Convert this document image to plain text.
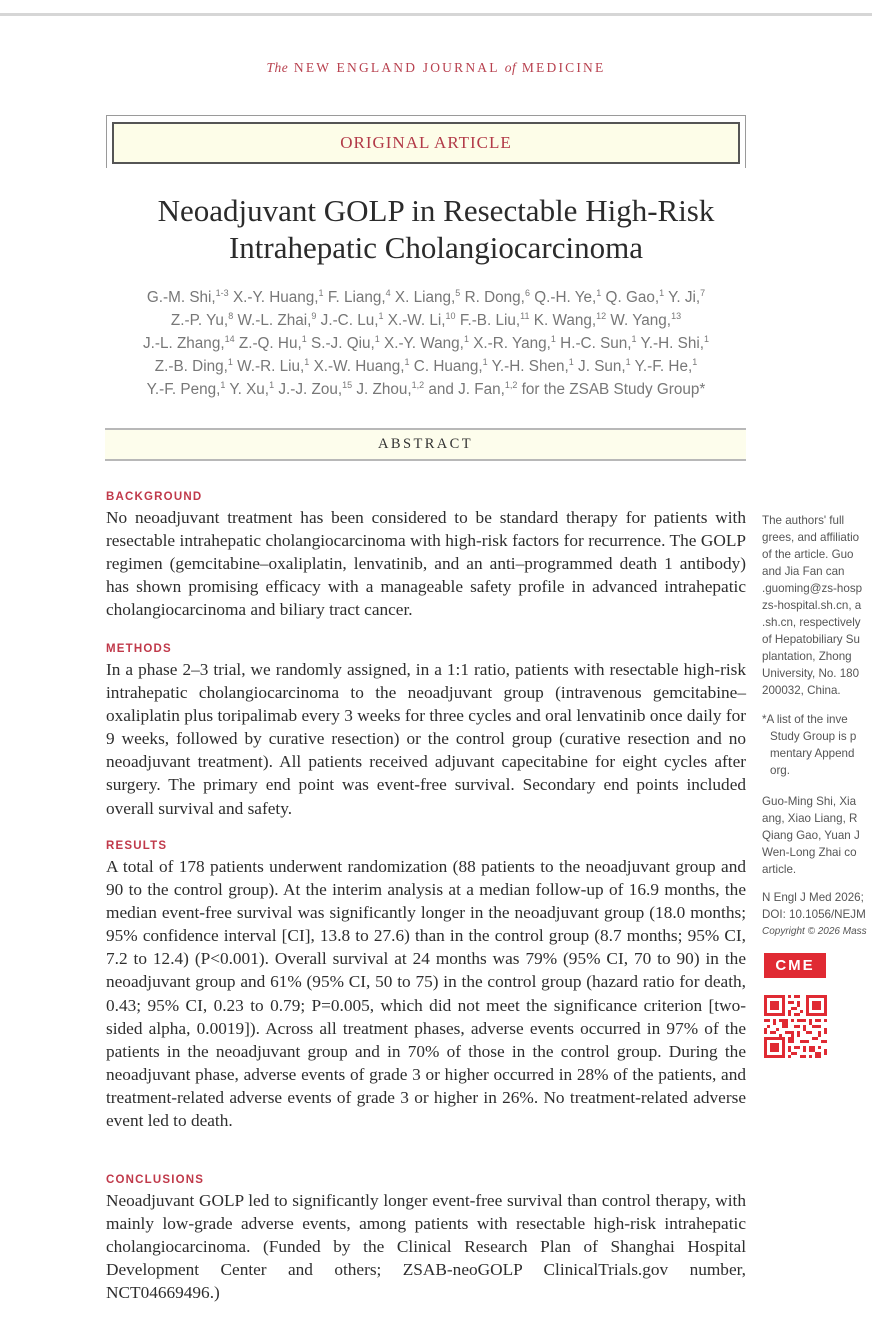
The NEW ENGLAND JOURNAL of MEDICINE
ORIGINAL ARTICLE
Neoadjuvant GOLP in Resectable High-Risk
Intrahepatic Cholangiocarcinoma
G.-M. Shi,$^{1-3}$ X.-Y. Huang,$^1$ F. Liang,$^4$ X. Liang,$^5$ R. Dong,$^6$ Q.-H. Ye,$^1$ Q. Gao,$^1$ Y. Ji,$^7$
Z.-P. Yu,$^8$ W.-L. Zhai,$^9$ J.-C. Lu,$^1$ X.-W. Li,$^{10}$ F.-B. Liu,$^{11}$ K. Wang,$^{12}$ W. Yang,$^{13}$
J.-L. Zhang,$^{14}$ Z.-Q. Hu,$^1$ S.-J. Qiu,$^1$ X.-Y. Wang,$^1$ X.-R. Yang,$^1$ H.-C. Sun,$^1$ Y.-H. Shi,$^1$
Z.-B. Ding,$^1$ W.-R. Liu,$^1$ X.-W. Huang,$^1$ C. Huang,$^1$ Y.-H. Shen,$^1$ J. Sun,$^1$ Y.-F. He,$^1$
Y.-F. Peng,$^1$ Y. Xu,$^1$ J.-J. Zou,$^{15}$ J. Zhou,$^{1,2}$ and J. Fan,$^{1,2}$ for the ZSAB Study Group*
ABSTRACT
BACKGROUND

No neoadjuvant treatment has been considered to be standard therapy for patients with resectable intrahepatic cholangiocarcinoma with high-risk factors for recurrence. The GOLP regimen (gemcitabine–oxaliplatin, lenvatinib, and an anti–programmed death 1 antibody) has shown promising efficacy with a manageable safety profile in advanced intrahepatic cholangiocarcinoma and biliary tract cancer.

METHODS

In a phase 2–3 trial, we randomly assigned, in a 1:1 ratio, patients with resectable high-risk intrahepatic cholangiocarcinoma to the neoadjuvant group (intravenous gemcitabine–oxaliplatin plus toripalimab every 3 weeks for three cycles and oral lenvatinib once daily for 9 weeks, followed by curative resection) or the control group (curative resection and no neoadjuvant treatment). All patients received adjuvant capecitabine for eight cycles after surgery. The primary end point was event-free survival. Secondary end points included overall survival and safety.

RESULTS

A total of 178 patients underwent randomization (88 patients to the neoadjuvant group and 90 to the control group). At the interim analysis at a median follow-up of 16.9 months, the median event-free survival was significantly longer in the neoadjuvant group (18.0 months; 95% confidence interval [CI], 13.8 to 27.6) than in the control group (8.7 months; 95% CI, 7.2 to 12.4) (P<0.001). Overall survival at 24 months was 79% (95% CI, 70 to 90) in the neoadjuvant group and 61% (95% CI, 50 to 75) in the control group (hazard ratio for death, 0.43; 95% CI, 0.23 to 0.79; P=0.005, which did not meet the significance criterion [two-sided alpha, 0.0019]). Across all treatment phases, adverse events occurred in 97% of the patients in the neoadjuvant group and in 70% of those in the control group. During the neoadjuvant phase, adverse events of grade 3 or higher occurred in 28% of the patients, and treatment-related adverse events of grade 3 or higher in 26%. No treatment-related adverse event led to death.

CONCLUSIONS

Neoadjuvant GOLP led to significantly longer event-free survival than control therapy, with mainly low-grade adverse events, among patients with resectable high-risk intrahepatic cholangiocarcinoma. (Funded by the Clinical Research Plan of Shanghai Hospital Development Center and others; ZSAB-neoGOLP ClinicalTrials.gov number, NCT04669496.)

The authors' full
grees, and affiliatio
of the article. Guo
and Jia Fan can
.guoming@zs-hosp
zs-hospital.sh.cn, a
.sh.cn, respectively
of Hepatobiliary Su
plantation, Zhong
University, No. 180
200032, China.
*A list of the inve
Study Group is p
mentary Append
org.
Guo-Ming Shi, Xia
ang, Xiao Liang, R
Qiang Gao, Yuan J
Wen-Long Zhai co
article.
N Engl J Med 2026;
DOI: 10.1056/NEJM
Copyright © 2026 Mass
CME
